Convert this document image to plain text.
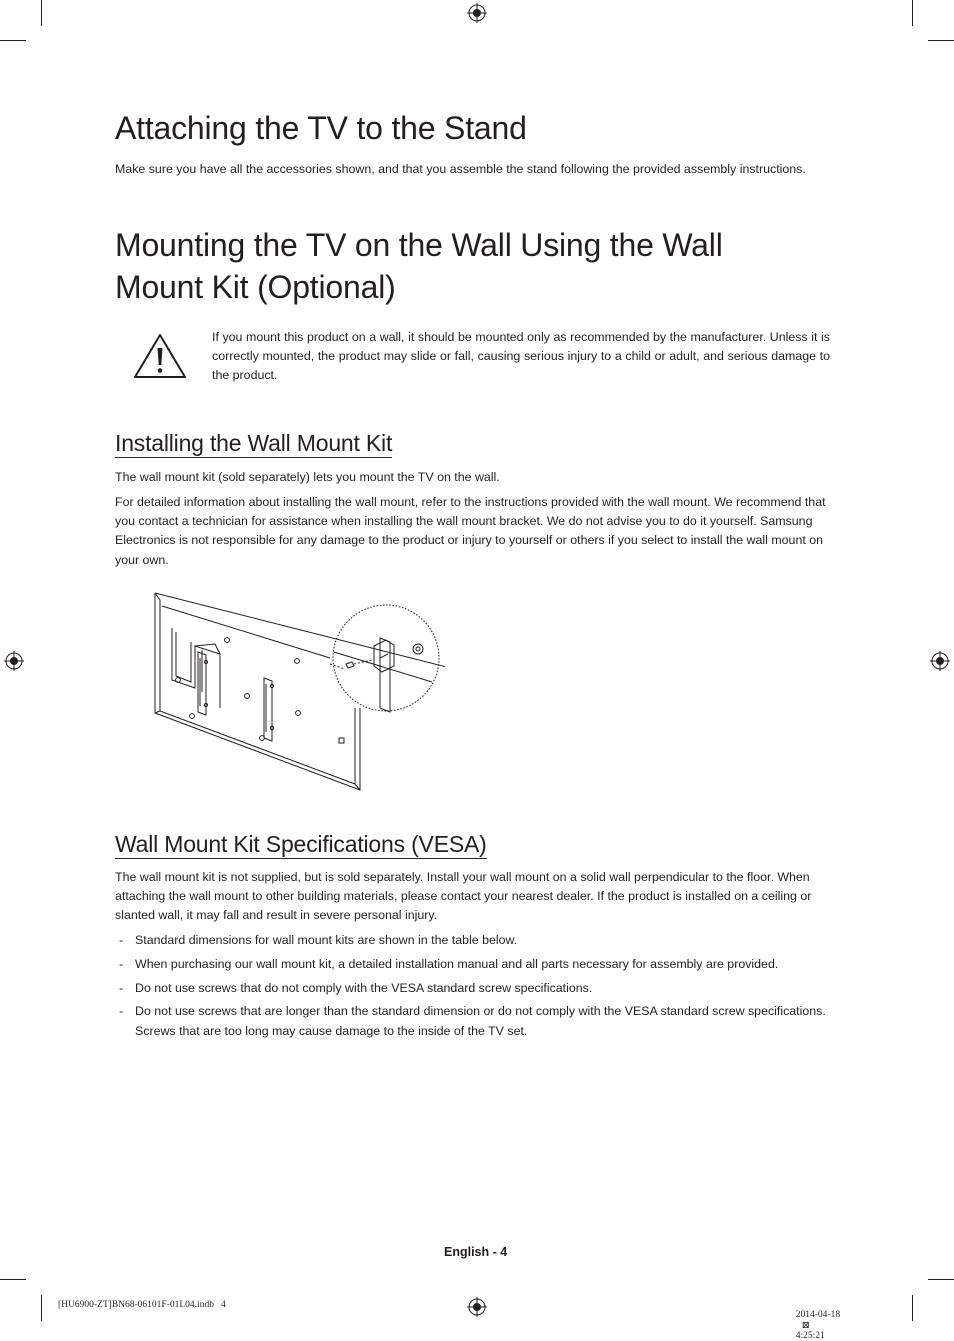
Attaching the TV to the Stand

Make sure you have all the accessories shown, and that you assemble the stand following the provided assembly instructions.

Mounting the TV on the Wall Using the Wall
Mount Kit (Optional)

If you mount this product on a wall, it should be mounted only as recommended by the manufacturer. Unless it is correctly mounted, the product may slide or fall, causing serious injury to a child or adult, and serious damage to the product.

Installing the Wall Mount Kit

The wall mount kit (sold separately) lets you mount the TV on the wall.

For detailed information about installing the wall mount, refer to the instructions provided with the wall mount. We recommend that you contact a technician for assistance when installing the wall mount bracket. We do not advise you to do it yourself. Samsung Electronics is not responsible for any damage to the product or injury to yourself or others if you select to install the wall mount on your own.

Wall Mount Kit Specifications (VESA)

The wall mount kit is not supplied, but is sold separately. Install your wall mount on a solid wall perpendicular to the floor. When attaching the wall mount to other building materials, please contact your nearest dealer. If the product is installed on a ceiling or slanted wall, it may fall and result in severe personal injury.

- Standard dimensions for wall mount kits are shown in the table below.
- When purchasing our wall mount kit, a detailed installation manual and all parts necessary for assembly are provided.
- Do not use screws that do not comply with the VESA standard screw specifications.
- Do not use screws that are longer than the standard dimension or do not comply with the VESA standard screw specifications. Screws that are too long may cause damage to the inside of the TV set.
English - 4
[HU6900-ZT]BN68-06101F-01L04.indb   4

2014-04-18
⊠
4:25:21
